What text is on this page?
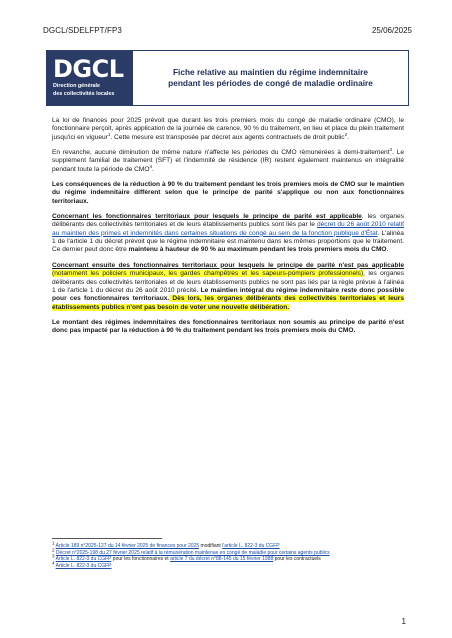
DGCL/SDELFPT/FP3	25/06/2025
DGCL
Direction générale
des collectivités locales
Fiche relative au maintien du régime indemnitaire
pendant les périodes de congé de maladie ordinaire

La loi de finances pour 2025 prévoit que durant les trois premiers mois du congé de maladie ordinaire (CMO), le fonctionnaire perçoit, après application de la journée de carence, 90 % du traitement, en lieu et place du plein traitement jusqu'ici en vigueur$^1$. Cette mesure est transposée par décret aux agents contractuels de droit public$^2$.

En revanche, aucune diminution de même nature n'affecte les périodes du CMO rémunérées à demi-traitement$^3$. Le supplément familial de traitement (SFT) et l'indemnité de résidence (IR) restent également maintenus en intégralité pendant toute la période de CMO$^4$.

Les conséquences de la réduction à 90 % du traitement pendant les trois premiers mois de CMO sur le maintien du régime indemnitaire diffèrent selon que le principe de parité s'applique ou non aux fonctionnaires territoriaux.

Concernant les fonctionnaires territoriaux pour lesquels le principe de parité est applicable, les organes délibérants des collectivités territoriales et de leurs établissements publics sont liés par le décret du 26 août 2010 relatif au maintien des primes et indemnités dans certaines situations de congé au sein de la fonction publique d'État. L'alinéa 1 de l'article 1 du décret prévoit que le régime indemnitaire est maintenu dans les mêmes proportions que le traitement. Ce dernier peut donc être maintenu à hauteur de 90 % au maximum pendant les trois premiers mois du CMO.

Concernant ensuite des fonctionnaires territoriaux pour lesquels le principe de parité n'est pas applicable (notamment les policiers municipaux, les gardes champêtres et les sapeurs-pompiers professionnels), les organes délibérants des collectivités territoriales et de leurs établissements publics ne sont pas liés par la règle prévue à l'alinéa 1 de l'article 1 du décret du 26 août 2010 précité. Le maintien intégral du régime indemnitaire reste donc possible pour ces fonctionnaires territoriaux. Dès lors, les organes délibérants des collectivités territoriales et leurs établissements publics n'ont pas besoin de voter une nouvelle délibération.

Le montant des régimes indemnitaires des fonctionnaires territoriaux non soumis au principe de parité n'est donc pas impacté par la réduction à 90 % du traitement pendant les trois premiers mois du CMO.

1 Article 189 n°2025-127 du 14 février 2025 de finances pour 2025 modifiant l'article L. 822-3 du CGFP
2 Décret n°2025-198 du 27 février 2025 relatif à la rémunération maintenue en congé de maladie pour certains agents publics
3 Article L. 822-3 du CGFP pour les fonctionnaires et article 7 du décret n°88-145 du 15 février 1988 pour les contractuels
4 Article L. 822-3 du CGFP
1
